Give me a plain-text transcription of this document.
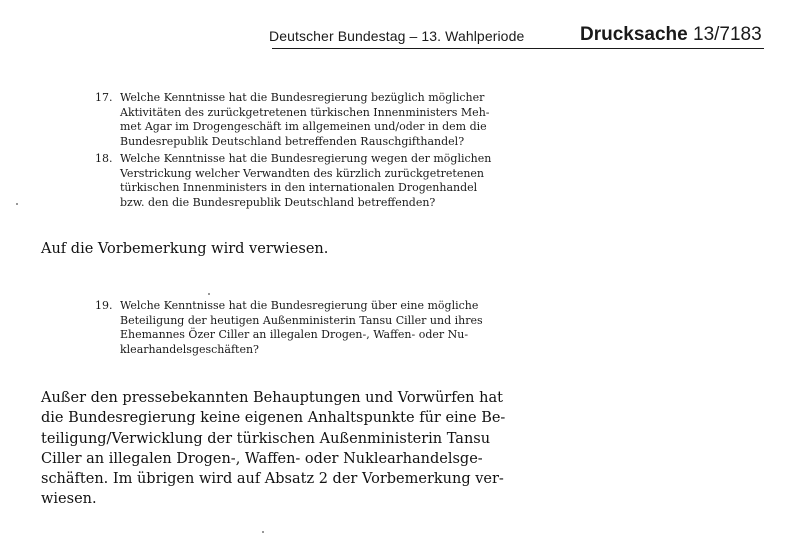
Deutscher Bundestag – 13. Wahlperiode	Drucksache 13/7183
17. Welche Kenntnisse hat die Bundesregierung bezüglich möglicher
Aktivitäten des zurückgetretenen türkischen Innenministers Meh-
met Agar im Drogengeschäft im allgemeinen und/oder in dem die
Bundesrepublik Deutschland betreffenden Rauschgifthandel?
18. Welche Kenntnisse hat die Bundesregierung wegen der möglichen
Verstrickung welcher Verwandten des kürzlich zurückgetretenen
türkischen Innenministers in den internationalen Drogenhandel
bzw. den die Bundesrepublik Deutschland betreffenden?
Auf die Vorbemerkung wird verwiesen.
19. Welche Kenntnisse hat die Bundesregierung über eine mögliche
Beteiligung der heutigen Außenministerin Tansu Ciller und ihres
Ehemannes Özer Ciller an illegalen Drogen-, Waffen- oder Nu-
klearhandelsgeschäften?
Außer den pressebekannten Behauptungen und Vorwürfen hat
die Bundesregierung keine eigenen Anhaltspunkte für eine Be-
teiligung/Verwicklung der türkischen Außenministerin Tansu
Ciller an illegalen Drogen-, Waffen- oder Nuklearhandelsge-
schäften. Im übrigen wird auf Absatz 2 der Vorbemerkung ver-
wiesen.
